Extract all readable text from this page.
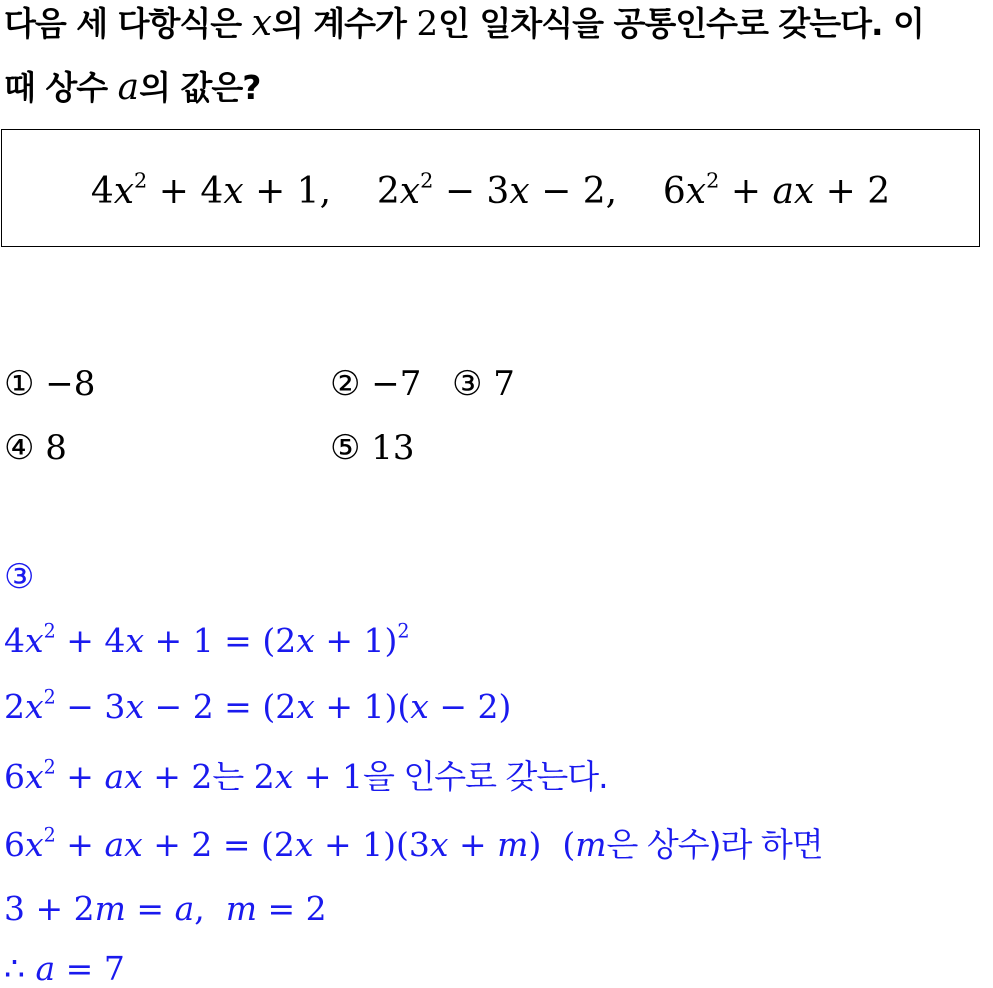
다음 세 다항식은 x의 계수가 2인 일차식을 공통인수로 갖는다. 이
때 상수 a의 값은?
$4x^2 + 4x + 1$, $2x^2 - 3x - 2$, $6x^2$ + ax + 2
① −8	② −7 ③ 7
④ 8	⑤ 13
③
$4x^2 + 4x + 1 = (2x + 1)^2$
$2x^2 - 3x - 2 = (2x + 1)(x - 2)$
$6x^2$ + ax + 2는 2x + 1을 인수로 갖는다.
$6x^2$ + ax + 2 = (2x + 1)(3x + m) (m은 상수)라 하면
3 + 2m = a,  m = 2
∴ a = 7
